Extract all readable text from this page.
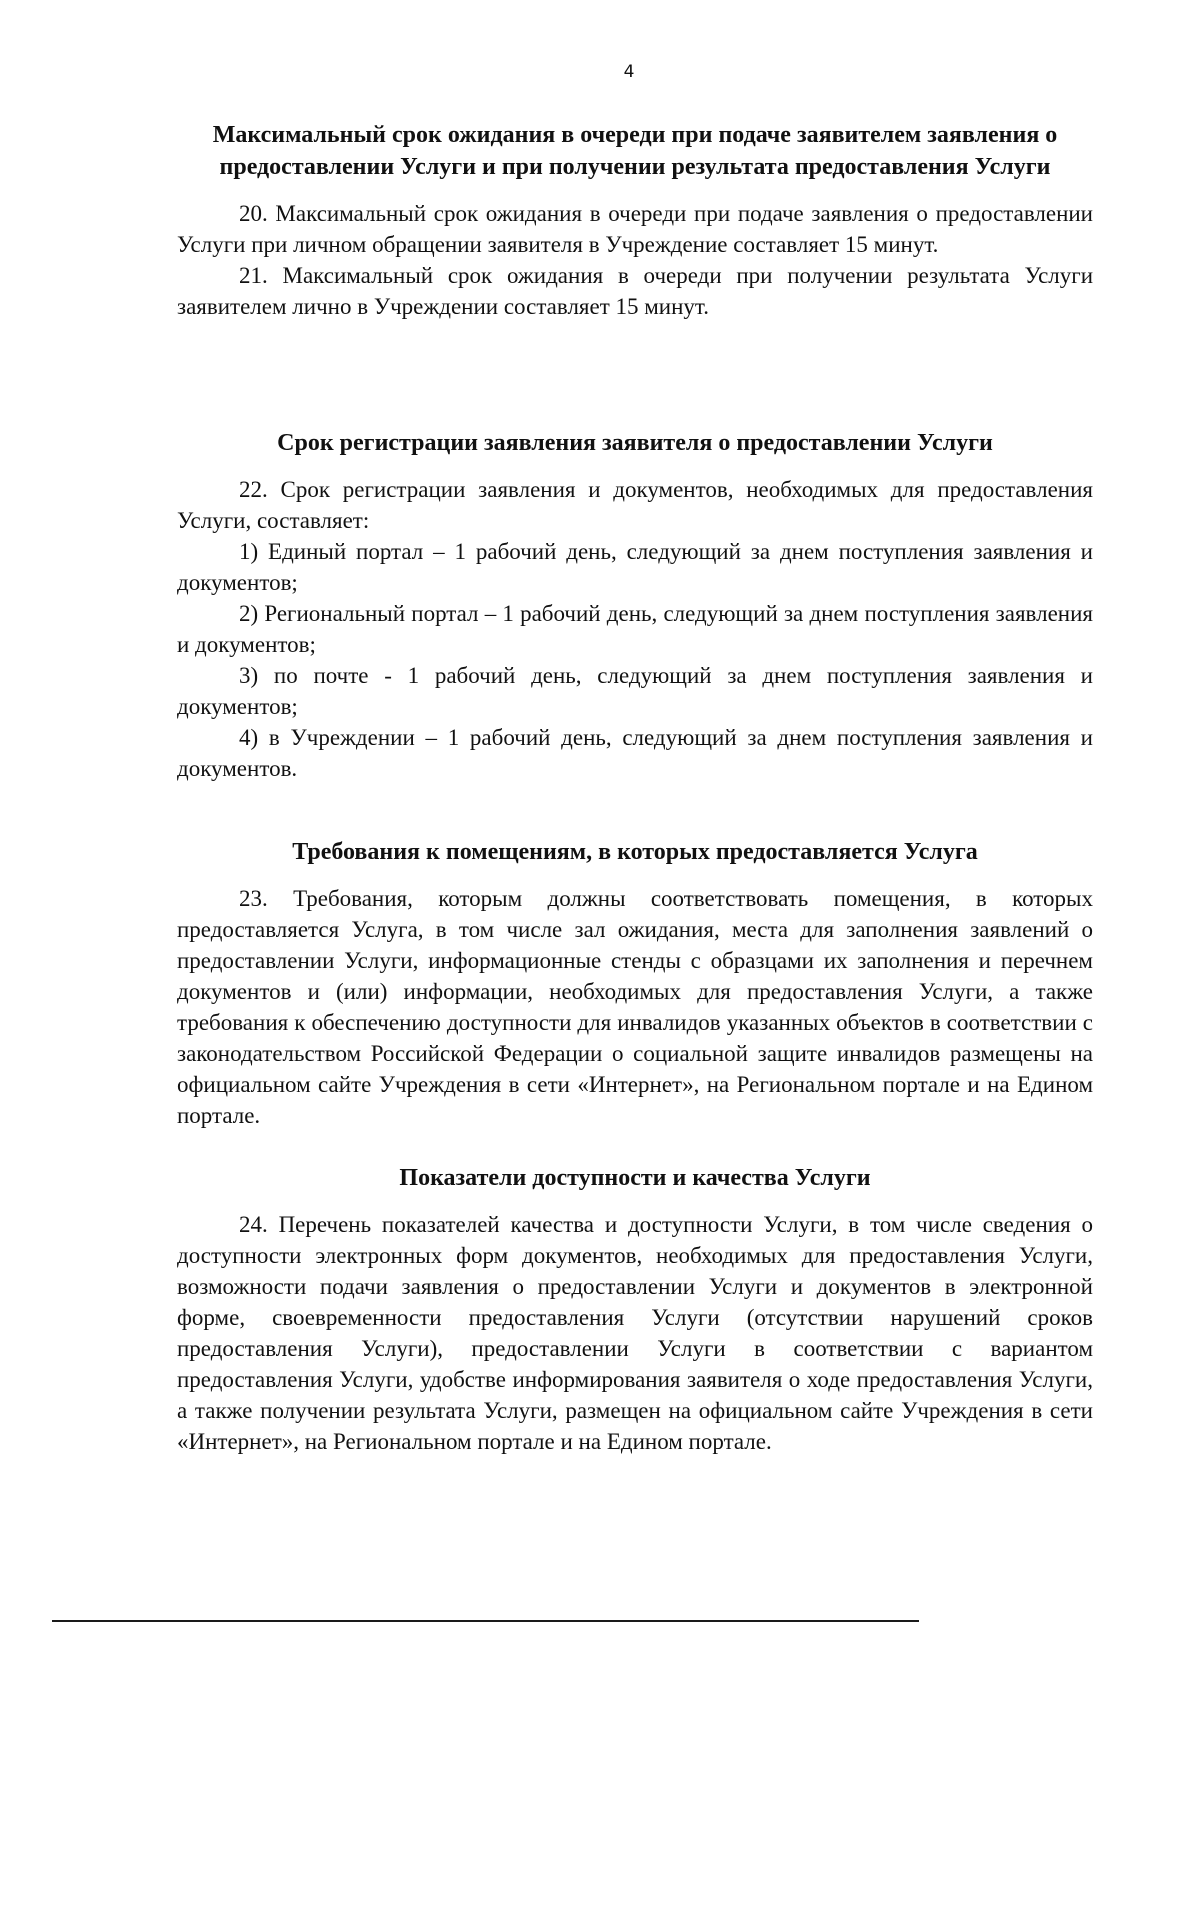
4
Максимальный срок ожидания в очереди при подаче заявителем заявления о предоставлении Услуги и при получении результата предоставления Услуги

20. Максимальный срок ожидания в очереди при подаче заявления о предоставлении Услуги при личном обращении заявителя в Учреждение составляет 15 минут.

21. Максимальный срок ожидания в очереди при получении результата Услуги заявителем лично в Учреждении составляет 15 минут.

Срок регистрации заявления заявителя о предоставлении Услуги

22. Срок регистрации заявления и документов, необходимых для предоставления Услуги, составляет:

1) Единый портал – 1 рабочий день, следующий за днем поступления заявления и документов;

2) Региональный портал – 1 рабочий день, следующий за днем поступления заявления и документов;

3) по почте - 1 рабочий день, следующий за днем поступления заявления и документов;

4) в Учреждении – 1 рабочий день, следующий за днем поступления заявления и документов.

Требования к помещениям, в которых предоставляется Услуга

23. Требования, которым должны соответствовать помещения, в которых предоставляется Услуга, в том числе зал ожидания, места для заполнения заявлений о предоставлении Услуги, информационные стенды с образцами их заполнения и перечнем документов и (или) информации, необходимых для предоставления Услуги, а также требования к обеспечению доступности для инвалидов указанных объектов в соответствии с законодательством Российской Федерации о социальной защите инвалидов размещены на официальном сайте Учреждения в сети «Интернет», на Региональном портале и на Едином портале.

Показатели доступности и качества Услуги

24. Перечень показателей качества и доступности Услуги, в том числе сведения о доступности электронных форм документов, необходимых для предоставления Услуги, возможности подачи заявления о предоставлении Услуги и документов в электронной форме, своевременности предоставления Услуги (отсутствии нарушений сроков предоставления Услуги), предоставлении Услуги в соответствии с вариантом предоставления Услуги, удобстве информирования заявителя о ходе предоставления Услуги, а также получении результата Услуги, размещен на официальном сайте Учреждения в сети «Интернет», на Региональном портале и на Едином портале.
